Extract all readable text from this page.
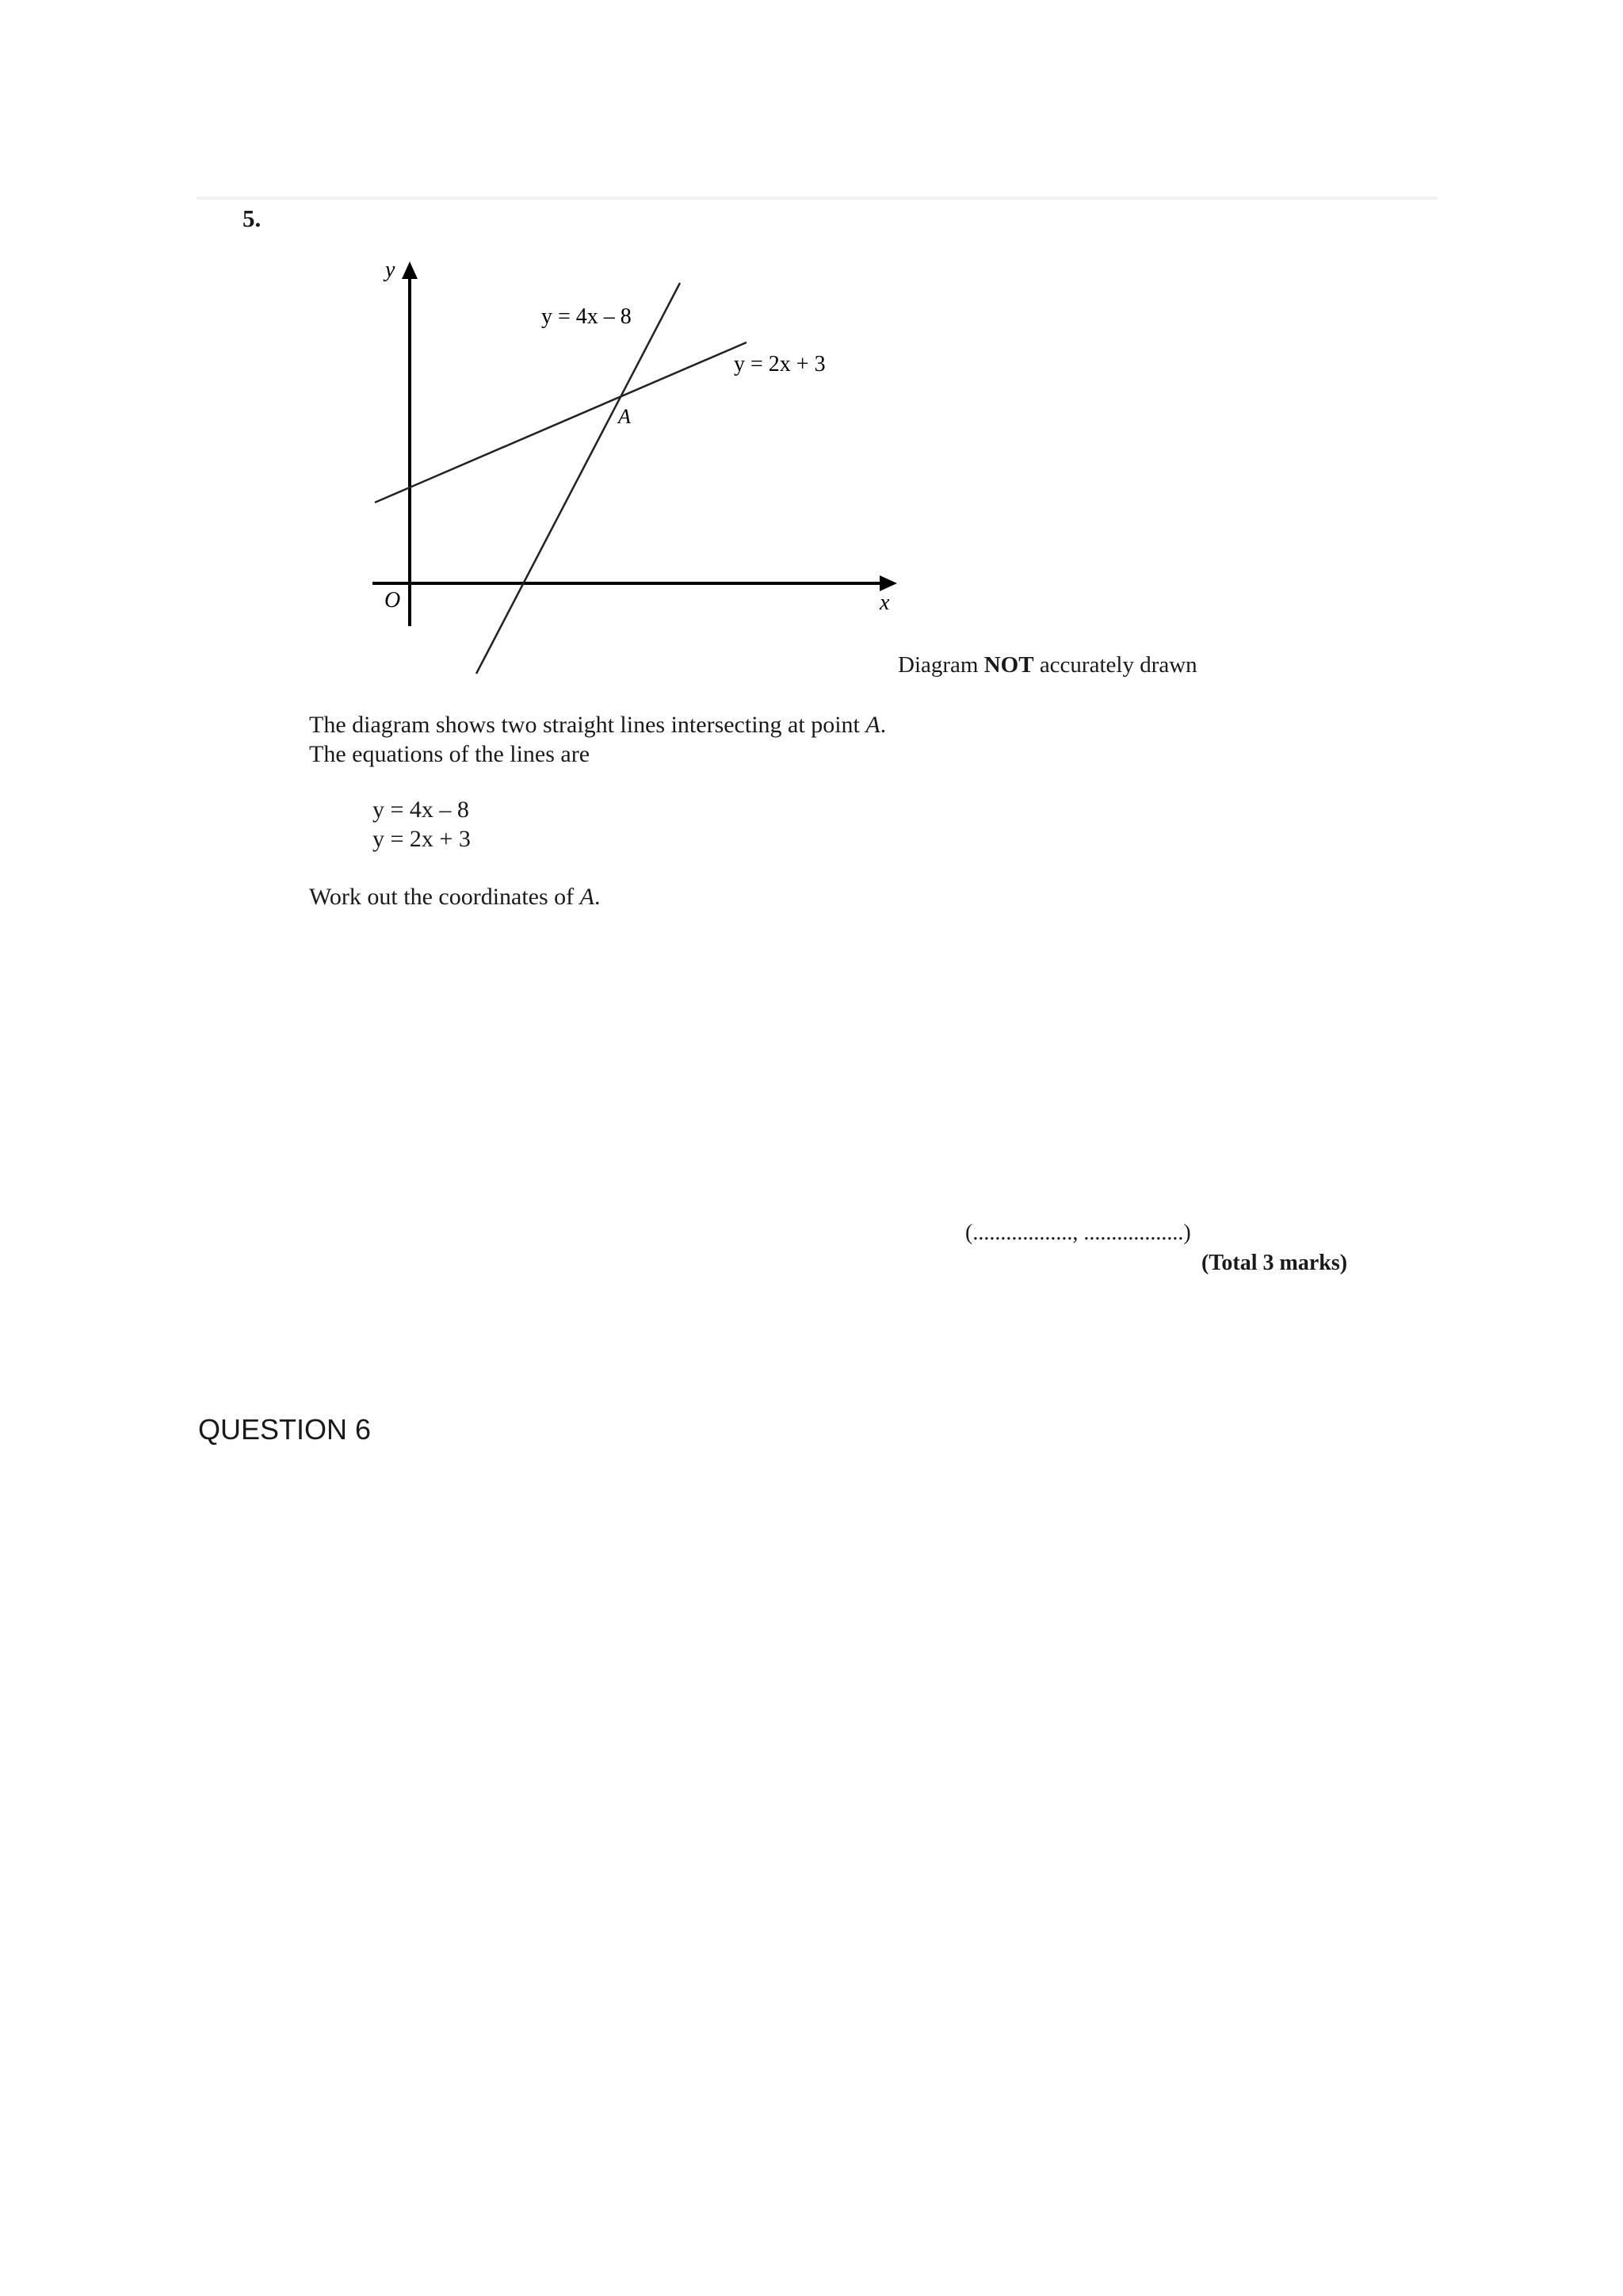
5.
y
x
O
y = 4x – 8
y = 2x + 3
A
Diagram NOT accurately drawn
The diagram shows two straight lines intersecting at point A.
The equations of the lines are
y = 4x – 8
y = 2x + 3
Work out the coordinates of A.
(.................., ..................)
(Total 3 marks)
QUESTION 6
